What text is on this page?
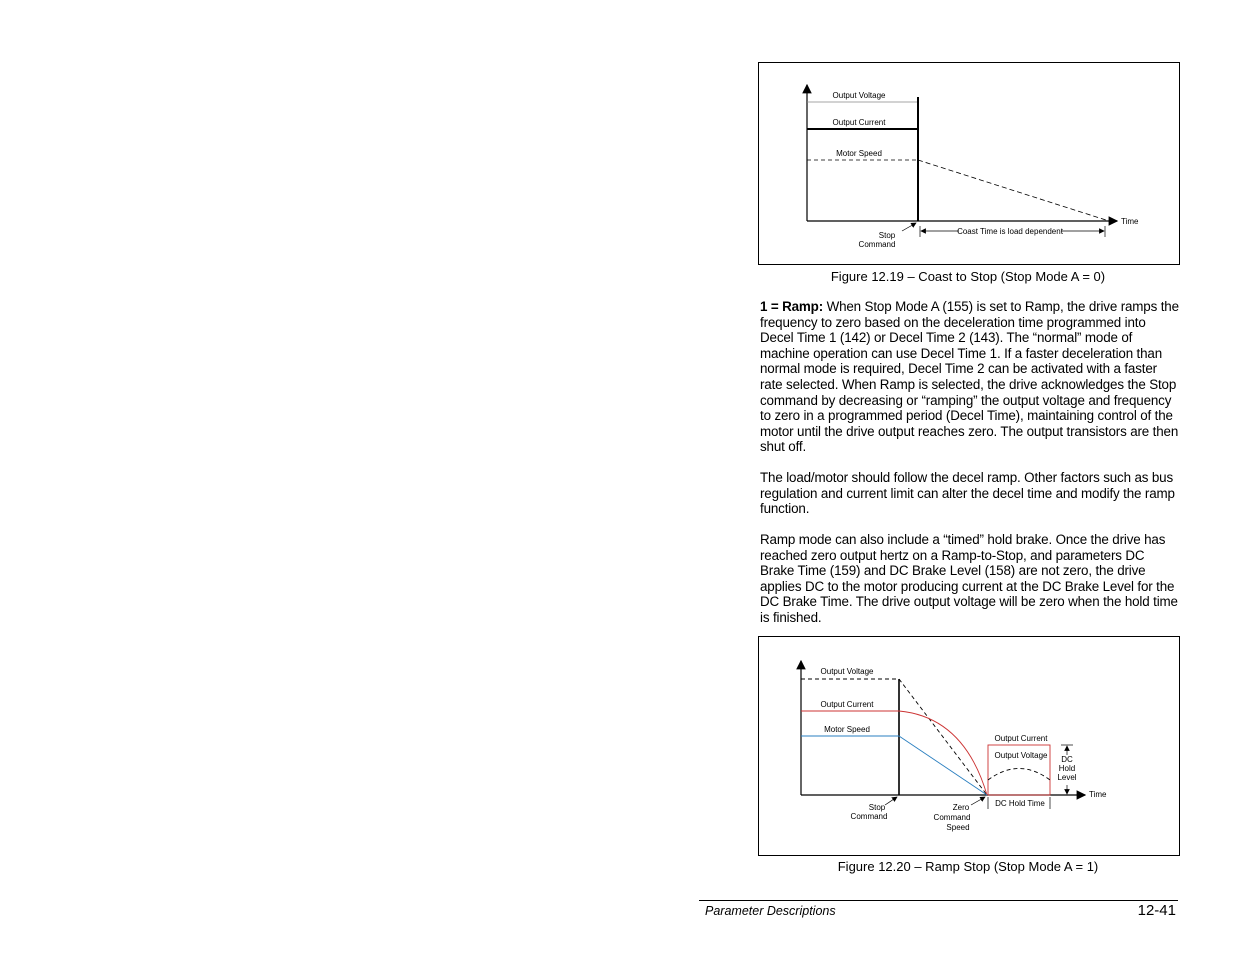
Output Voltage
Output Current
Motor Speed
Time
Stop
Command
Coast Time is load dependent
Figure 12.19 – Coast to Stop (Stop Mode A = 0)

1 = Ramp: When Stop Mode A (155) is set to Ramp, the drive ramps the frequency to zero based on the deceleration time programmed into Decel Time 1 (142) or Decel Time 2 (143). The “normal” mode of machine operation can use Decel Time 1. If a faster deceleration than normal mode is required, Decel Time 2 can be activated with a faster rate selected. When Ramp is selected, the drive acknowledges the Stop command by decreasing or “ramping” the output voltage and frequency to zero in a programmed period (Decel Time), maintaining control of the motor until the drive output reaches zero. The output transistors are then shut off.

The load/motor should follow the decel ramp. Other factors such as bus regulation and current limit can alter the decel time and modify the ramp function.

Ramp mode can also include a “timed” hold brake. Once the drive has reached zero output hertz on a Ramp-to-Stop, and parameters DC Brake Time (159) and DC Brake Level (158) are not zero, the drive applies DC to the motor producing current at the DC Brake Level for the DC Brake Time. The drive output voltage will be zero when the hold time is finished.

Output Voltage
Output Current
Motor Speed
Output Current
Output Voltage DC
Hold
Level
Time
DC Hold Time
Stop
Command
Zero
Command
Speed
Figure 12.20 – Ramp Stop (Stop Mode A = 1)
Parameter Descriptions	12-41
